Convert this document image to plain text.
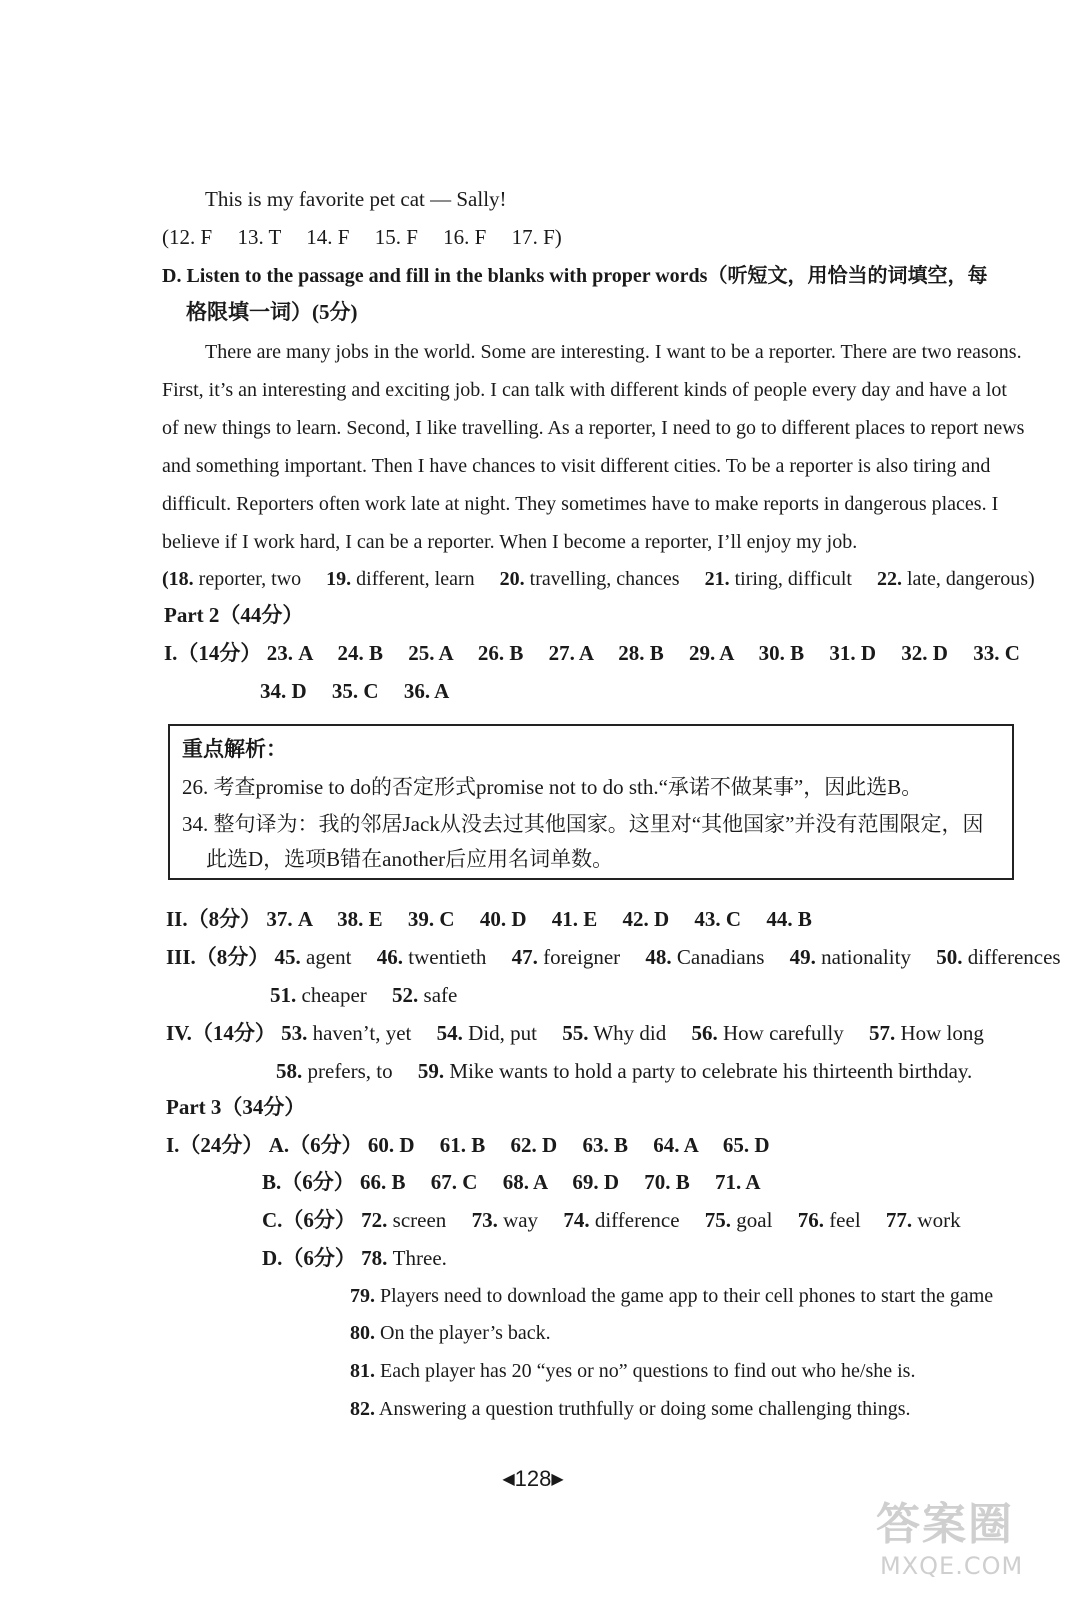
This is my favorite pet cat — Sally!
(12. F 13. T 14. F 15. F 16. F 17. F)
D. Listen to the passage and fill in the blanks with proper words（听短文，用恰当的词填空，每
格限填一词）(5分)
There are many jobs in the world. Some are interesting. I want to be a reporter. There are two reasons.
First, it’s an interesting and exciting job. I can talk with different kinds of people every day and have a lot
of new things to learn. Second, I like travelling. As a reporter, I need to go to different places to report news
and something important. Then I have chances to visit different cities. To be a reporter is also tiring and
difficult. Reporters often work late at night. They sometimes have to make reports in dangerous places. I
believe if I work hard, I can be a reporter. When I become a reporter, I’ll enjoy my job.
(18. reporter, two 19. different, learn 20. travelling, chances 21. tiring, difficult 22. late, dangerous)
Part 2（44分）
I.（14分） 23. A 24. B 25. A 26. B 27. A 28. B 29. A 30. B 31. D 32. D 33. C
34. D 35. C 36. A
重点解析：
26. 考查promise to do的否定形式promise not to do sth.“承诺不做某事”，因此选B。
34. 整句译为：我的邻居Jack从没去过其他国家。这里对“其他国家”并没有范围限定，因
此选D，选项B错在another后应用名词单数。
II.（8分） 37. A 38. E 39. C 40. D 41. E 42. D 43. C 44. B
III.（8分） 45. agent 46. twentieth 47. foreigner 48. Canadians 49. nationality 50. differences
51. cheaper 52. safe
IV.（14分） 53. haven’t, yet 54. Did, put 55. Why did 56. How carefully 57. How long
58. prefers, to 59. Mike wants to hold a party to celebrate his thirteenth birthday.
Part 3（34分）
I.（24分） A.（6分） 60. D 61. B 62. D 63. B 64. A 65. D
B.（6分） 66. B 67. C 68. A 69. D 70. B 71. A
C.（6分） 72. screen 73. way 74. difference 75. goal 76. feel 77. work
D.（6分） 78. Three.
79. Players need to download the game app to their cell phones to start the game
80. On the player’s back.
81. Each player has 20 “yes or no” questions to find out who he/she is.
82. Answering a question truthfully or doing some challenging things.
◀128▶
答案圈
MXQE.COM
